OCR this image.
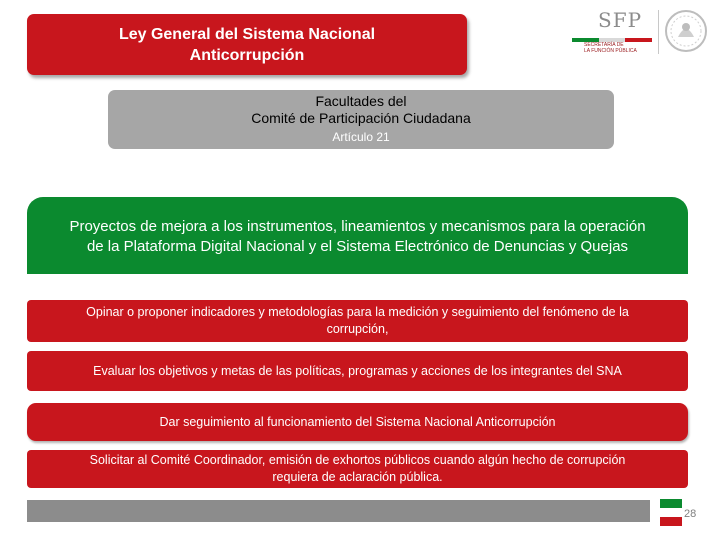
Ley General del Sistema Nacional
Anticorrupción
SFP
SECRETARÍA DE
LA FUNCIÓN PÚBLICA
Facultades del
Comité de Participación Ciudadana
Artículo 21
Proyectos de mejora a los instrumentos, lineamientos y mecanismos para la operación
de la Plataforma Digital Nacional y el Sistema Electrónico de Denuncias y Quejas
Opinar o proponer indicadores y metodologías para la medición y seguimiento del fenómeno de la
corrupción,
Evaluar los objetivos y metas de las políticas, programas y acciones de los integrantes del SNA
Dar seguimiento al funcionamiento del Sistema Nacional Anticorrupción
Solicitar al Comité Coordinador, emisión de exhortos públicos cuando algún hecho de corrupción
requiera de aclaración pública.
28
